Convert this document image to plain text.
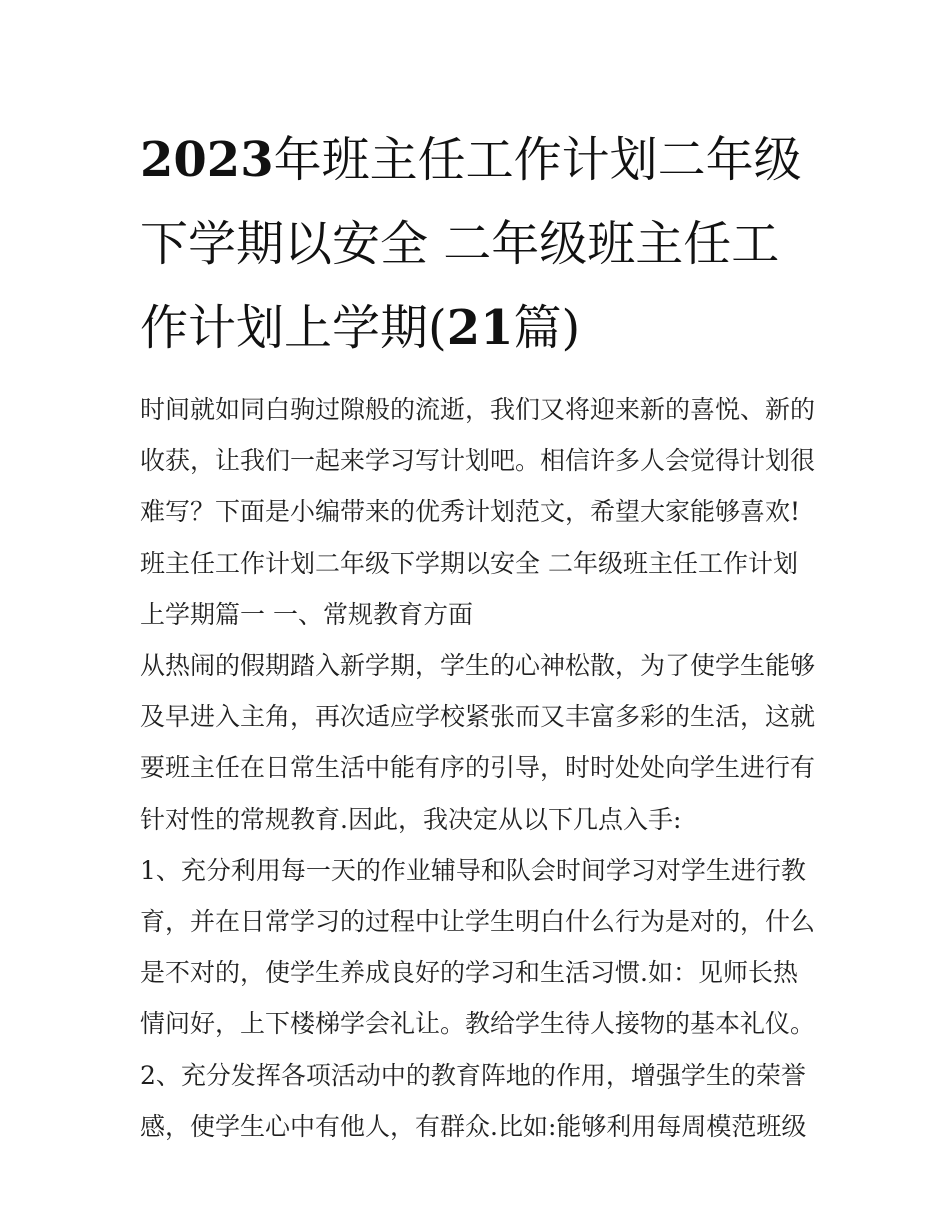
2023年班主任工作计划二年级下学期以安全 二年级班主任工作计划上学期(21篇)

时间就如同白驹过隙般的流逝，我们又将迎来新的喜悦、新的收获，让我们一起来学习写计划吧。相信许多人会觉得计划很难写？下面是小编带来的优秀计划范文，希望大家能够喜欢!

班主任工作计划二年级下学期以安全 二年级班主任工作计划上学期篇一 一、常规教育方面

从热闹的假期踏入新学期，学生的心神松散，为了使学生能够及早进入主角，再次适应学校紧张而又丰富多彩的生活，这就要班主任在日常生活中能有序的引导，时时处处向学生进行有针对性的常规教育.因此，我决定从以下几点入手:

1、充分利用每一天的作业辅导和队会时间学习对学生进行教育，并在日常学习的过程中让学生明白什么行为是对的，什么是不对的，使学生养成良好的学习和生活习惯.如：见师长热情问好，上下楼梯学会礼让。教给学生待人接物的基本礼仪。

2、充分发挥各项活动中的教育阵地的作用，增强学生的荣誉感，使学生心中有他人，有群众.比如:能够利用每周模范班级
